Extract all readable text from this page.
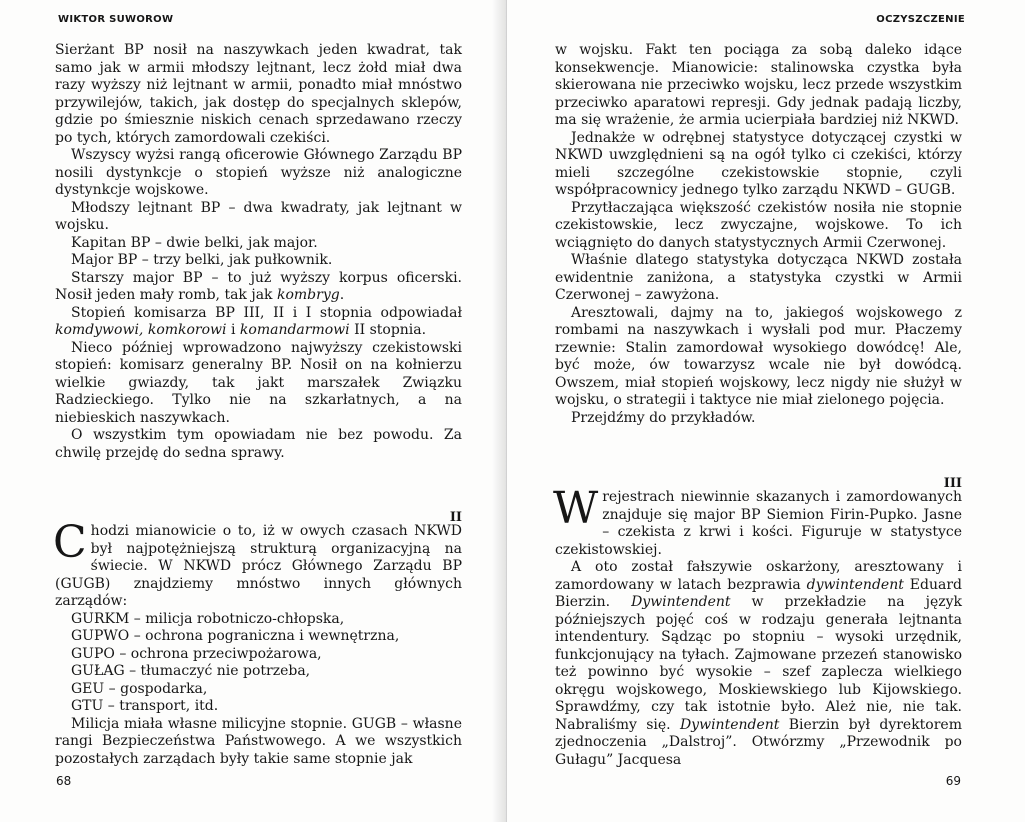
WIKTOR SUWOROW

Sierżant BP nosił na naszywkach jeden kwadrat, tak samo jak w armii młodszy lejtnant, lecz żołd miał dwa razy wyższy niż lejtnant w armii, ponadto miał mnóstwo przywilejów, takich, jak dostęp do specjalnych sklepów, gdzie po śmiesznie niskich cenach sprzedawano rzeczy po tych, których zamordowali czekiści.

Wszyscy wyżsi rangą oficerowie Głównego Zarządu BP nosili dystynkcje o stopień wyższe niż analogiczne dystynkcje wojskowe.

Młodszy lejtnant BP – dwa kwadraty, jak lejtnant w wojsku.

Kapitan BP – dwie belki, jak major.

Major BP – trzy belki, jak pułkownik.

Starszy major BP – to już wyższy korpus oficerski. Nosił jeden mały romb, tak jak kombryg.

Stopień komisarza BP III, II i I stopnia odpowiadał komdywowi, komkorowi i komandarmowi II stopnia.

Nieco później wprowadzono najwyższy czekistowski stopień: komisarz generalny BP. Nosił on na kołnierzu wielkie gwiazdy, tak jakt marszałek Związku Radzieckiego. Tylko nie na szkarłatnych, a na niebieskich naszywkach.

O wszystkim tym opowiadam nie bez powodu. Za chwilę przejdę do sedna sprawy.

II

Chodzi mianowicie o to, iż w owych czasach NKWD był najpotężniejszą strukturą organizacyjną na świecie. W NKWD prócz Głównego Zarządu BP (GUGB) znajdziemy mnóstwo innych głównych zarządów:

GURKM – milicja robotniczo-chłopska,
GUPWO – ochrona pograniczna i wewnętrzna,
GUPO – ochrona przeciwpożarowa,
GUŁAG – tłumaczyć nie potrzeba,
GEU – gospodarka,
GTU – transport, itd.

Milicja miała własne milicyjne stopnie. GUGB – własne rangi Bezpieczeństwa Państwowego. A we wszystkich pozostałych zarządach były takie same stopnie jak

68
OCZYSZCZENIE

w wojsku. Fakt ten pociąga za sobą daleko idące konsekwencje. Mianowicie: stalinowska czystka była skierowana nie przeciwko wojsku, lecz przede wszystkim przeciwko aparatowi represji. Gdy jednak padają liczby, ma się wrażenie, że armia ucierpiała bardziej niż NKWD.

Jednakże w odrębnej statystyce dotyczącej czystki w NKWD uwzględnieni są na ogół tylko ci czekiści, którzy mieli szczególne czekistowskie stopnie, czyli współpracownicy jednego tylko zarządu NKWD – GUGB.

Przytłaczająca większość czekistów nosiła nie stopnie czekistowskie, lecz zwyczajne, wojskowe. To ich wciągnięto do danych statystycznych Armii Czerwonej.

Właśnie dlatego statystyka dotycząca NKWD została ewidentnie zaniżona, a statystyka czystki w Armii Czerwonej – zawyżona.

Aresztowali, dajmy na to, jakiegoś wojskowego z rombami na naszywkach i wysłali pod mur. Płaczemy rzewnie: Stalin zamordował wysokiego dowódcę! Ale, być może, ów towarzysz wcale nie był dowódcą. Owszem, miał stopień wojskowy, lecz nigdy nie służył w wojsku, o strategii i taktyce nie miał zielonego pojęcia.

Przejdźmy do przykładów.

III

Wrejestrach niewinnie skazanych i zamordowanych znajduje się major BP Siemion Firin-Pupko. Jasne – czekista z krwi i kości. Figuruje w statystyce czekistowskiej.

A oto został fałszywie oskarżony, aresztowany i zamordowany w latach bezprawia dywintendent Eduard Bierzin. Dywintendent w przekładzie na język późniejszych pojęć coś w rodzaju generała lejtnanta intendentury. Sądząc po stopniu – wysoki urzędnik, funkcjonujący na tyłach. Zajmowane przezeń stanowisko też powinno być wysokie – szef zaplecza wielkiego okręgu wojskowego, Moskiewskiego lub Kijowskiego. Sprawdźmy, czy tak istotnie było. Ależ nie, nie tak. Nabraliśmy się. Dywintendent Bierzin był dyrektorem zjednoczenia „Dalstroj”. Otwórzmy „Przewodnik po Gułagu” Jacquesa

69
